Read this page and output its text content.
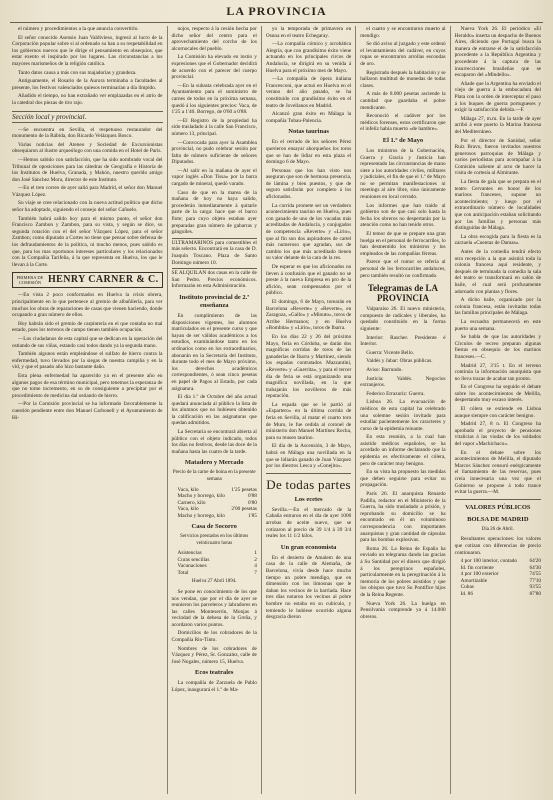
LA PROVINCIA

el número y procedimientos a la que anuncia convertirlo.

El señor conocido Asensio Juan Valdivieso, ingresó al lucro de la Corporación popular sobre sí al ordenado su han a su respetabilidad en los gobiernos nuevos que le dirige el pensamiento en obsequios, que estar exento el inspirado por los lugares. Las circunstancias a los mayores marismeños de la religión católica.

Tanto datos causa a más con sus majadorías y grandeza.

Antiguamente, el Rosario de la Aurora terminaba a facultades al presente, los festivos valenciados quiesos terminarían a día límpido.

Añadido el tiempo, no han extrañado ver emplazadas en el atrio de la catedral dos piezas de tiro rajo.

Sección local y provincial.

—Se encuentra en Sevilla, el respetuoso restaurador del monumento de la Rábida, don Ricardo Velázquez Bosco.

Varias noticias del Ateneo y Sociedad de Excursionistas obsequiaron al ilustre arqueólogo con una comida en el Hotel de París.

—Hemos sabido con satisfacción, que ha sido nombrado vocal del Tribunal de oposiciones para las cátedras de Geografía e Historia de los Institutos de Huelva, Granada, y Mahón, nuestro querido amigo don José Sánchez Mora, director de este Instituto.

—En el tren correo de ayer salió para Madrid, el señor don Manuel Vázquez López.

Su viaje se cree relacionado con la nueva actitud política que dicho señor ha adoptado, siguiendo el consejo del señor Cañuelo.

También habrá salido hoy para el mismo punto, el señor don Francisco Zambon y Zambon, para su vista, y según se dice, su segunda rotación con el del señor Vázquez López, para el señor Zambon; como diputado a Cortes no tiene que pensar sobre defensa de los defraudamientos de la política, ni mucho menos, pues sabido es que, para los mas oportunos intereses particulares y los relacionados con la Compañía Tarifeña, á la que representa en Huelva, los que le llevan á la Corte.

PRIMERA DE COMISIÓN HENRY CARNER & C.

—En vista 2 poco conformados en Huelva la crisis obrera, principalmente en lo que pertenece al gremio de albañilería, para ver muchos los obras de reparaciones de casas que vienen haciendo, donde ocupando a gran número de ellos.

Hoy habrán sido el gremio de carpintería en el que contaba no mal estado, pues los terrenos de campo tienen también ocupación.

—Los ciudadanos de esta capital que se dedican en la operación del ostiando de sus viñas, estando casi todos dando ya la segunda mano.

También algunos están empleándose el sulfato de hierro contra la enfermedad, tuvo llevados por la siegas de nuestra campiña y en la vid, y que el pasado año hizo bastante daño.

Esta plena enfermedad ha aparecido ya en el presente año en algunos pagos de esa término municipal, pero tenemos la esperanza de que no tome incremento, en su de consiguiente a precipitar por el procedimiento de medicina dal ostiando de hierro.

—Por la Comisión provincial se ha informado favorablemente la cuestión pendiente entre don Manuel Carbonell y el Ayuntamiento de Hi-

nojos, respecto á la cesión hecha por dicho señor del centro para el aprovechamiento del corcho de los alcornocales del pueblo.

La Comisión ha elevado en instio y expresiones que el Gobernador decidirá de acuerdo con el parecer del cuerpo provincial.

—En la subasta celebrada ayer en el Ayuntamiento para el suministro de carnes de todos en la próxima semana, quedó á los siguientes precios: Vaca, de 1'25 a 1'40. Borrego, de 0'60 a 0'88.

—El Registro de la propiedad ha sido trasladado á la calle San Francisco, número 13, principal.

—Convocada para ayer la Asamblea provincial, no pudo celebrar sesión por falta de número suficiente de señores Diputados.

—Al salir en la mañana de ayer el vapor inglés «Don Tissa» por la barra cargado de mineral, quedó varado.

Caso de que en la marea de la mañana de hoy no haya salido, procederán inmediatamente á quitarle parte de la carga: hace que el barco flote; para cuyo objeto estaban ayer preparadas gran número de gabarras y gánguiles.

ULTRAMARINOS para comestibles el más selecto. Encontrará en la casa de D. Joaquín Toscano. Plaza de Santo Domingo número 10.

SE ALQUILAN dos casas en la calle de San Pedro. Precios económicos. Informarán en esta Administración.

Instituto provincial de 2.ª enseñanza

En cumplimiento de las disposiciones vigentes, los alumnos matriculados en el presente curso y que hayan de ser válidos académicos a los estudios, examinándose tanto en los ordinarios como en los extraordinarios, abonarán en la Secretaría del Instituto, durante todo el mes de Mayo próximo, los derechos académicos correspondientes, ó sean cinco pesetas en papel de Pagos al Estado, por cada asignatura.

El día 1.º de Octubre del año actual quedará anunciada al público la lista de los alumnos que no hubiesen obtenido la calificación en las asignaturas que quedan admitidos.

La Secretaría se encontrará abierta al público con el objeto indicado, todos los días no festivos, desde las doce de la mañana hasta las cuatro de la tarde.

Matadero y Mercado
Precio de la carne de boina en la presente semana
Vaca, kilo	1'25 pesetas
Macho y borrego, kilo	0'88
Carnero, kilo	0'80
Vaca, kilo	2'00 pesetas
Macho y borrego, kilo	1'85
Casa de Socorro
Servicios prestados en los últimos veinticuatro horas
Asistencias	1
Curas sencillas	2
Vacunaciones	4
Total	7
Huelva 27 Abril 1894.

Se pone en conocimiento de los que nos vendan, que por el día de ayer se reunieron los parceleros y labradores en las calles Monteserrín, Monjas á vecindad de la dehesa de la Greña, y acordaron varios puntos.

Domicilios de los cobradores de la Compañía Rio-Tinto.

Nombres de los cobradores de Vázquez y Pérez, Sr. Gonzalez, calle de José Nogales, número 15, Huelva.

Ecos teatrales

La compañía de Zarzuela de Pablo López, inaugurará el 1.º de Ma-

yo la temporada de primavera en Osuna en el teatro Echegaray.

—La compañía cómico y acrobática Alegría, que con grandísimo éxito viene actuando en los principales circos de Andalucía, se dirigirá en su venida á Huelva para el próximo mes de Mayo.

—La compañía de ópera italiana Francesconi, que actuó en Huelva en el verano del año pasado, se ha constituido con grandísimo éxito en el teatro de Jovellanos en Madrid.

Alcanzó gran éxito en Málaga la compañía Tubau-Palencia.

Notas taurinas

En el cerrado de los señores Pérez querieron ensayar ahorqueños los toros que se han de lidiar en esta plaza el domingo 6 de Mayo.

Personas que los han visto nos aseguran que son de hermosa presencia, de lámina y bien puestos, y que de seguro satisfarán por completo á los aficionados.

La corrida promete ser un verdadero acontecimiento taurino en Huelva, pues con ganado de uno de los vacadas más acreditadas de Andalucía, y conjugados de competencia «Reverte» y «Lirio», que al fin son dos aspiradores de cartel más numeroso que agradan, sus de cambio los que más acreditado tienen su valor delante de la cara de la res.

De esperar es que los aficionados no lleven á confusión que el ganado no se preste á la nueva Empresa en pro de la afición, sean compensados por el público.

El domingo, 6 de Mayo, torearán en Barcelona «Reverte» y «Reverte», en Zaragoza, «Gallo» y «Minuto», toros de Arribe Hermanos; y en Huelva «Bombita» y «Lirio», toros de Ibarra.

En los días 22 y 26 del próximo Mayo, feria en Córdoba, se darán dos magníficas corridas de toros de las ganaderías de Ibarra y Martínez, siendo los espadas contratados Mazzantini, «Reverte» y «Guerrita», y para el tercer día de feria se está organizando una magnífica novillada, en la que trabajarán los novilleros de más reputación.

La espada que se le partió al «Espartero» en la última corrida de feria en Sevilla, al matar el cuarto toro de Muro, le fue cedida al coronel de ministerio don Manuel Martínez Rocha, para su museo taurino.

El día de la Ascensión, 3 de Mayo, habrá en Málaga una novillada en la que se lidiarán ganado de Juan Vázquez por los diestros Lesca y «Conejito».

De todas partes
Los ecetes

Sevilla.—En el mercado de la Cabaña entraron en el día de ayer 1000 arrobas de aceite nuevo, que se cotizaron al precio de 39 1/4 á 39 3/4 reales los 11 1/2 kilos.

Un gran economista

En el desierto de Amalem de una casa de la calle de Alemaña, de Barcelona, vivía desde hace mucho tiempo un pobre mendigo, que en dimensión con los limosnas que le daban los vecinos de la barriada. Hace tres días notaron los vecinos al pobre hombre no estaba en su cubículo, y temiendo le hubiese ocurrido alguna desgracia dieron

el cuarto y se encontraron muerto al mendigo.

Se dió aviso al juzgado y este ordenó el levantamiento del cadáver, en cuyos ropas se encontraron arrollas escondas de oro.

Registrado después la habitación y se hallaron multitud de monedas de todas clases.

A más de 8.000 pesetas asciende la cantidad que guardaba el pobre mendicante.

Reconoció el cadáver por los médicos forenses, estos certificaron que el infeliz había muerto «de hambre».

El 1.º de Mayo

Los ministros de la Gobernación, Guerra y Gracia y Justicia han representado las circunstancias de mano siete a los autoridades civiles, militares y judiciales, el fin de que el 1.º de Mayo no se permitan manifestaciones ni meetings al aire libre, sino únicamente reuniones en local cerrado.

Los informes que han traído al gobierno son de que casi solo hasta la fecha los obreros no despertarán por la atención como no han tenido otros.

El temor de que se prepare una gran huelga en el personal de ferrocarriles, lo han desmentido los ministros y los empleados de las compañías férreas.

Parece que el rumor se refería al personal de los ferrocarriles andaluces, pero también resultó no confirmado.

Telegramas de LA PROVINCIA

Valparaíso 26. El nuevo ministerio, compuesto de radicales y liberales, ha quedado constituido en la forma siguiente:

Interior: Rascher. Presidente é Interior.

Guerra: Vicente Bello.

Valdés y Jabar: Obras públicas.

Aviso: Barrundo.

Justicia: Valdés. Negocios extranjeros.

Federico Errazuriz: Guerra.

Lisboa 26. La evacuación de médicos de esta capital ha celebrado una solemne sesión invitado para estudiar pacientemente los caracteres y curso de la epidemia reinante.

En esta reunión, a la cual han asistido médicos españoles, se ha acordado un informe declarando que la epidemia es efectivamente el cólera, pero de carácter muy benigno.

En su vista ha propuesto las medidas que deben seguirse para evitar su propagación.

París 26. El anarquista Renardo Padilla, redactor en el Ministerio de la Guerra, ha sido trasladado a prisión, y reprobando su domicilio se ha encontrado en él un voluminoso correspondencia con importantes anarquistas y gran cantidad de cápsulas para las bombas explosivas.

Roma 26. La Reina de España ha enviado un telegrama dando las gracias á Su Santidad por el dinero que dirigió á los peregrinos españoles, particularmente en la peregrinación á la memoria de los pobres asistidos y que los obispos que tuvo Su Pontífice hijos de la Reina Regente.

Nueva York 26. La huelga en Pensilvania comprende ya á 14.000 obreros.

Nueva York 26. El periódico «El Heraldo» inserta un despacho de Buenos Aires, diciendo que Portugal busca la manera de entrarse el de la satisfacción procedente a la República Argentina y procedente á la captura de las insurrecciones brasileñas que se escaparon del «Mindello».

Añade que la Argentina ha enviado el viejo de guerra á la embocadura del Plata con la orden de interceptar el paso á los buques de guerra portugueses y exigir la satisfacción debida.—F.

Málaga 27, m.m. En la tarde de ayer arribó á este puerto la Marina francesa del Mediterráneo.

Por el director de Sanidad, señor Ruiz Bravo, fueron invitados nuestros generosos parroquias de Málaga y varios periodistas para acompañar á la Comisión saliente al acto de hacer la visita de cortesía al Almirante.

La fiesta de gala que se prepara en el teatro Cervantes en honor de los marinos franceses, supone un acontecimiento; y luego por el extraordinario número de localidades que con anticipación estaban solicitando por las familias y personas más distinguidas de Málaga.

La obra escogida para la fiesta es la zarzuela «Cuentas de Damas».

Antes de la comedia tendrá efecto otra recepción a la que asistirá toda la colonia francesa aquí residente, y después de terminada la comedia la sala del teatro se transformará en salón de baile, el cual será profusamente adornado con plantas y flores.

A dicho baile, organizado por la colonia francesa, están invitadas todas las familias principales de Málaga.

La escuadra permanecerá en este puerto una semana.

Se habla de que las autoridades y Círculos de recreo preparan algunas fiestas en obsequio de los marinos franceses.—C.

Madrid 27, 3'15 t. En el terreno continúa la información anarquista que no lleva trazas de acabar tan pronto.

En el Congreso ha seguido el debate sobre los acontecimientos de Melilla, despertando muy escaso interés.

El cólera se extiende en Lisboa aunque siempre con carácter benigno.

Madrid 27, 8 n. El Congreso ha aprobado el proyecto de pensiones vitalicias á las viudas de los soldados del vapor «Machichaco».

En el debate sobre los acontecimientos de Melilla, el diputado Marcos Sánchez censuró enérgicamente el llamamiento de las reservas, pues creía innecesaria una vez que el Gobierno se propone á todo trance evitar la guerra.—M.

VALORES PÚBLICOS
BOLSA DE MADRID
Día 26 de Abril.

Resultantes operaciones: los valores que cotizan con diferencias de precio continuaron.

4 por 100 interior, contado 64'20
Id. fin corriente	64'30
4 por 100 exterior	74'55
Amortizable	77'10
Cubas	93'55
Id. 86	87'80
